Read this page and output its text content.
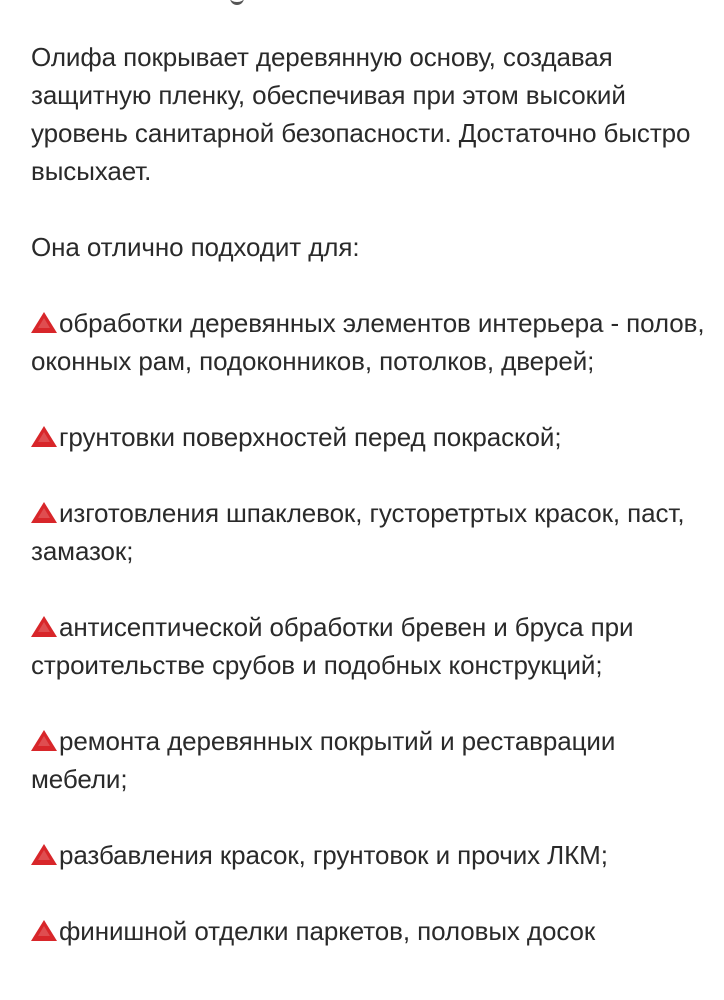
Олифа покрывает деревянную основу, создавая защитную пленку, обеспечивая при этом высокий уровень санитарной безопасности. Достаточно быстро высыхает.

Она отлично подходит для:

обработки деревянных элементов интерьера - полов, оконных рам, подоконников, потолков, дверей;
грунтовки поверхностей перед покраской;
изготовления шпаклевок, густоретртых красок, паст, замазок;
антисептической обработки бревен и бруса при строительстве срубов и подобных конструкций;
ремонта деревянных покрытий и реставрации мебели;
разбавления красок, грунтовок и прочих ЛКМ;
финишной отделки паркетов, половых досок
